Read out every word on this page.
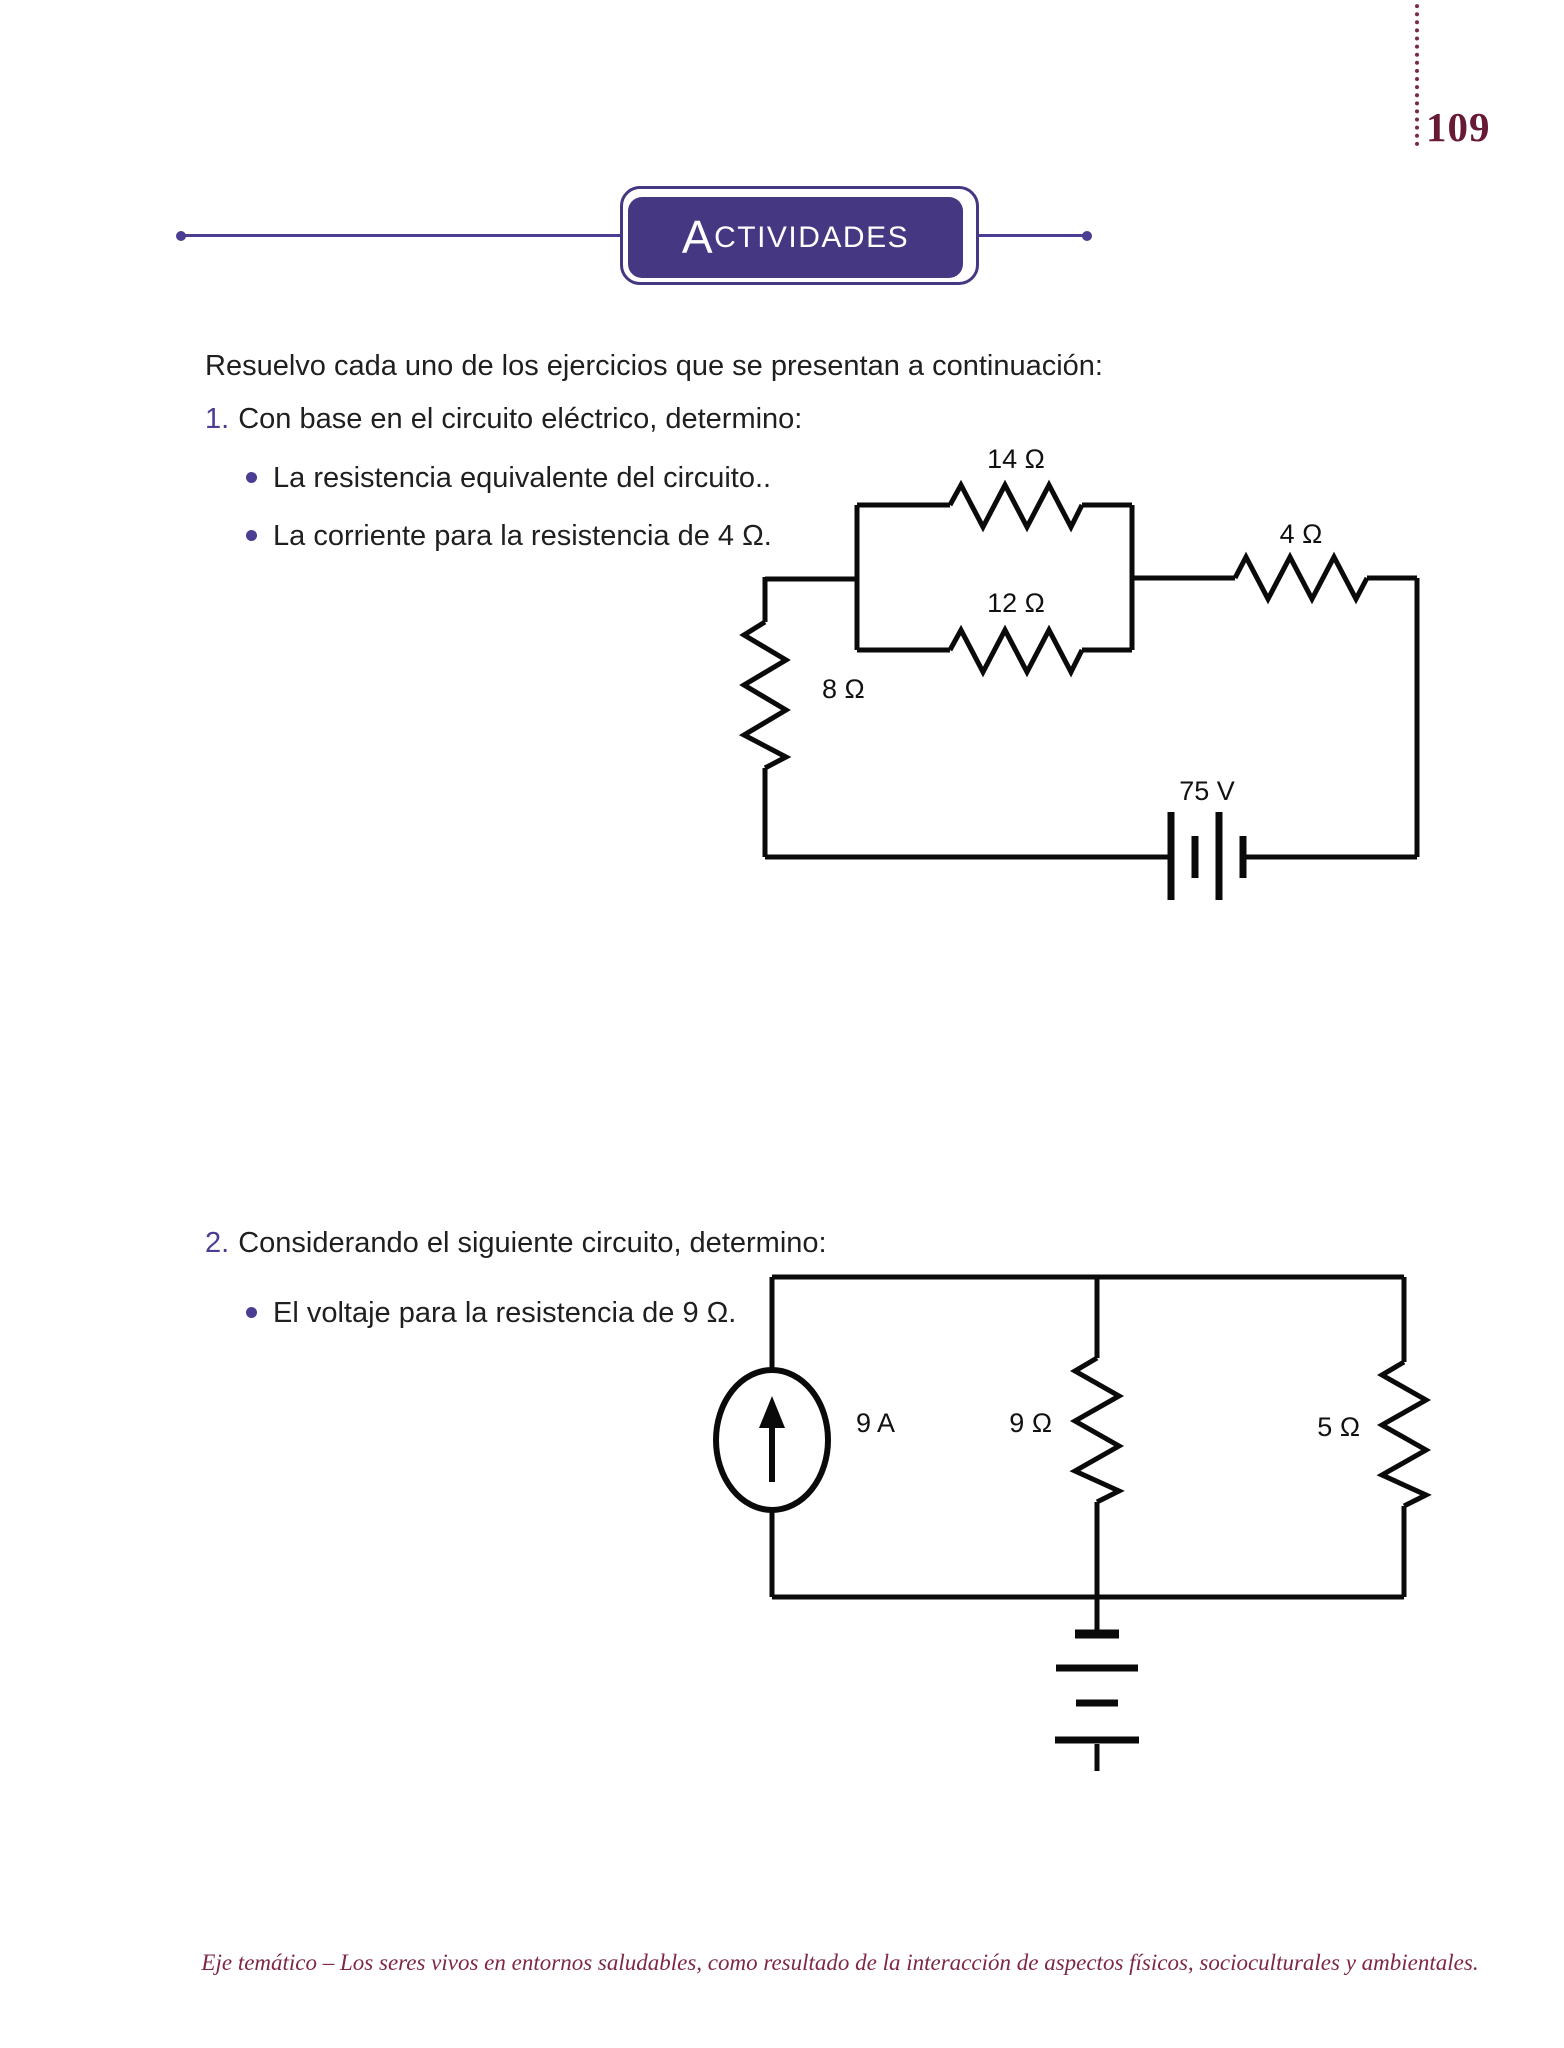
109
A CTIVIDADES
Resuelvo cada uno de los ejercicios que se presentan a continuación:
1. Con base en el circuito eléctrico, determino:
La resistencia equivalente del circuito..
La corriente para la resistencia de 4 Ω.
14 Ω
12 Ω
4 Ω
8 Ω
75 V
2. Considerando el siguiente circuito, determino:
El voltaje para la resistencia de 9 Ω.
9 A	9 Ω	5 Ω
Eje temático – Los seres vivos en entornos saludables, como resultado de la interacción de aspectos físicos, socioculturales y ambientales.
